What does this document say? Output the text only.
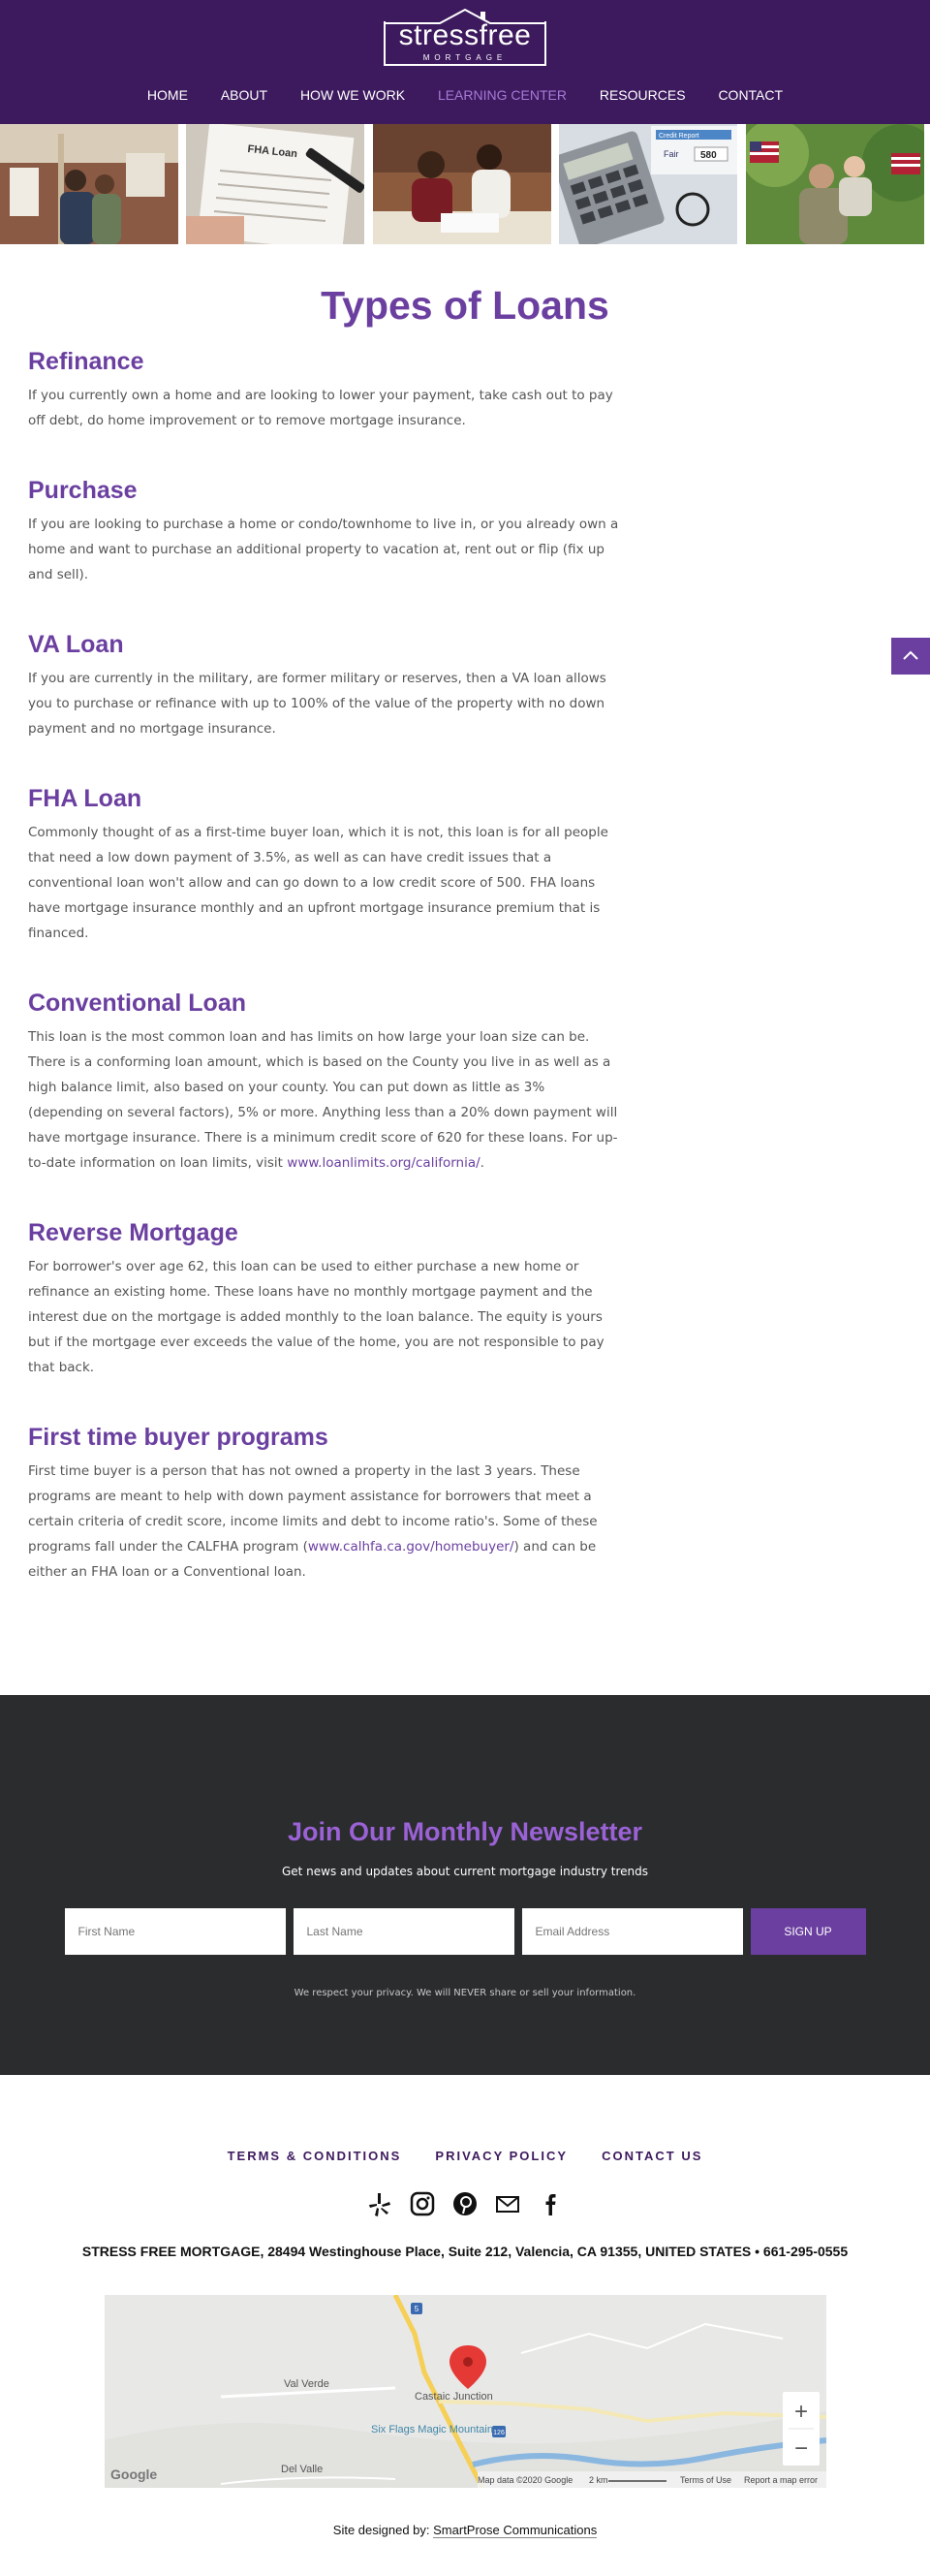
stressfree
MORTGAGE
HOME ABOUT HOW WE WORK LEARNING CENTER RESOURCES CONTACT
FHA Loan
Credit Report
Fair 580
Types of Loans
Refinance

If you currently own a home and are looking to lower your payment, take cash out to pay off debt, do home improvement or to remove mortgage insurance.

Purchase

If you are looking to purchase a home or condo/townhome to live in, or you already own a home and want to purchase an additional property to vacation at, rent out or flip (fix up and sell).

VA Loan

If you are currently in the military, are former military or reserves, then a VA loan allows you to purchase or refinance with up to 100% of the value of the property with no down payment and no mortgage insurance.

FHA Loan

Commonly thought of as a first-time buyer loan, which it is not, this loan is for all people that need a low down payment of 3.5%, as well as can have credit issues that a conventional loan won't allow and can go down to a low credit score of 500. FHA loans have mortgage insurance monthly and an upfront mortgage insurance premium that is financed.

Conventional Loan

This loan is the most common loan and has limits on how large your loan size can be. There is a conforming loan amount, which is based on the County you live in as well as a high balance limit, also based on your county. You can put down as little as 3% (depending on several factors), 5% or more. Anything less than a 20% down payment will have mortgage insurance. There is a minimum credit score of 620 for these loans. For up-to-date information on loan limits, visit www.loanlimits.org/california/.

Reverse Mortgage

For borrower's over age 62, this loan can be used to either purchase a new home or refinance an existing home. These loans have no monthly mortgage payment and the interest due on the mortgage is added monthly to the loan balance. The equity is yours but if the mortgage ever exceeds the value of the home, you are not responsible to pay that back.

First time buyer programs

First time buyer is a person that has not owned a property in the last 3 years. These programs are meant to help with down payment assistance for borrowers that meet a certain criteria of credit score, income limits and debt to income ratio's. Some of these programs fall under the CALFHA program (www.calhfa.ca.gov/homebuyer/) and can be either an FHA loan or a Conventional loan.

Join Our Monthly Newsletter
Get news and updates about current mortgage industry trends
First Name
Last Name
Email Address
SIGN UP
We respect your privacy. We will NEVER share or sell your information.
TERMS & CONDITIONS	PRIVACY POLICY	CONTACT US
STRESS FREE MORTGAGE, 28494 Westinghouse Place, Suite 212, Valencia, CA 91355, UNITED STATES • 661-295-0555
5
126
Val Verde
Castaic Junction
Six Flags Magic Mountain
Del Valle
Google	Map data ©2020 Google 2 km	Terms of Use Report a map error
+
−
Site designed by: SmartProse Communications
